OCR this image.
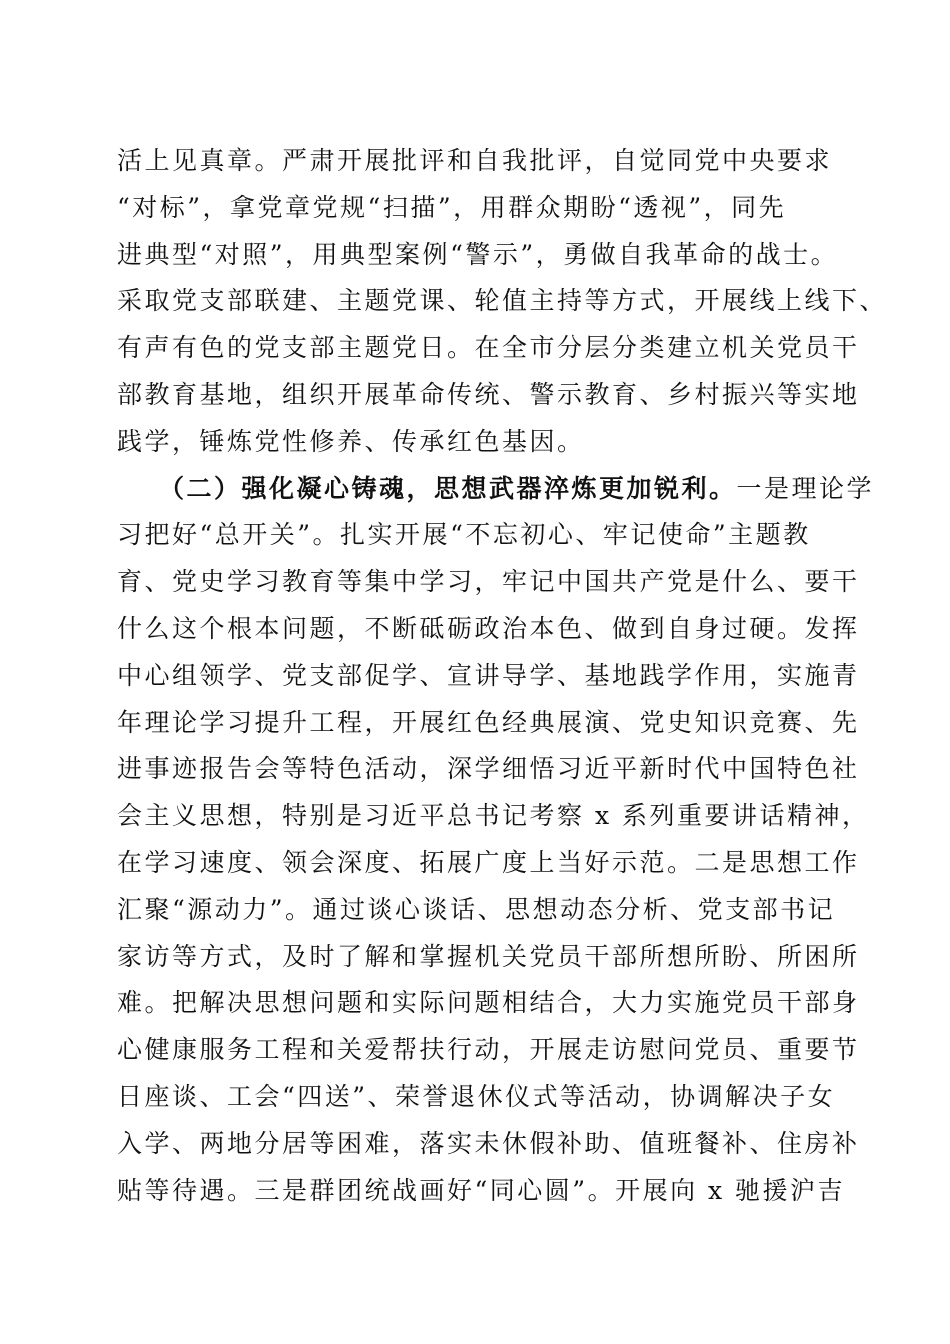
活上见真章。严肃开展批评和自我批评，自觉同党中央要求
“对标”，拿党章党规“扫描”，用群众期盼“透视”，同先
进典型“对照”，用典型案例“警示”，勇做自我革命的战士。
采取党支部联建、主题党课、轮值主持等方式，开展线上线下、
有声有色的党支部主题党日。在全市分层分类建立机关党员干
部教育基地，组织开展革命传统、警示教育、乡村振兴等实地
践学，锤炼党性修养、传承红色基因。
（二）强化凝心铸魂，思想武器淬炼更加锐利。一是理论学
习把好“总开关”。扎实开展“不忘初心、牢记使命”主题教
育、党史学习教育等集中学习，牢记中国共产党是什么、要干
什么这个根本问题，不断砥砺政治本色、做到自身过硬。发挥
中心组领学、党支部促学、宣讲导学、基地践学作用，实施青
年理论学习提升工程，开展红色经典展演、党史知识竞赛、先
进事迹报告会等特色活动，深学细悟习近平新时代中国特色社
会主义思想，特别是习近平总书记考察 x 系列重要讲话精神，
在学习速度、领会深度、拓展广度上当好示范。二是思想工作
汇聚“源动力”。通过谈心谈话、思想动态分析、党支部书记
家访等方式，及时了解和掌握机关党员干部所想所盼、所困所
难。把解决思想问题和实际问题相结合，大力实施党员干部身
心健康服务工程和关爱帮扶行动，开展走访慰问党员、重要节
日座谈、工会“四送”、荣誉退休仪式等活动，协调解决子女
入学、两地分居等困难，落实未休假补助、值班餐补、住房补
贴等待遇。三是群团统战画好“同心圆”。开展向 x 驰援沪吉
